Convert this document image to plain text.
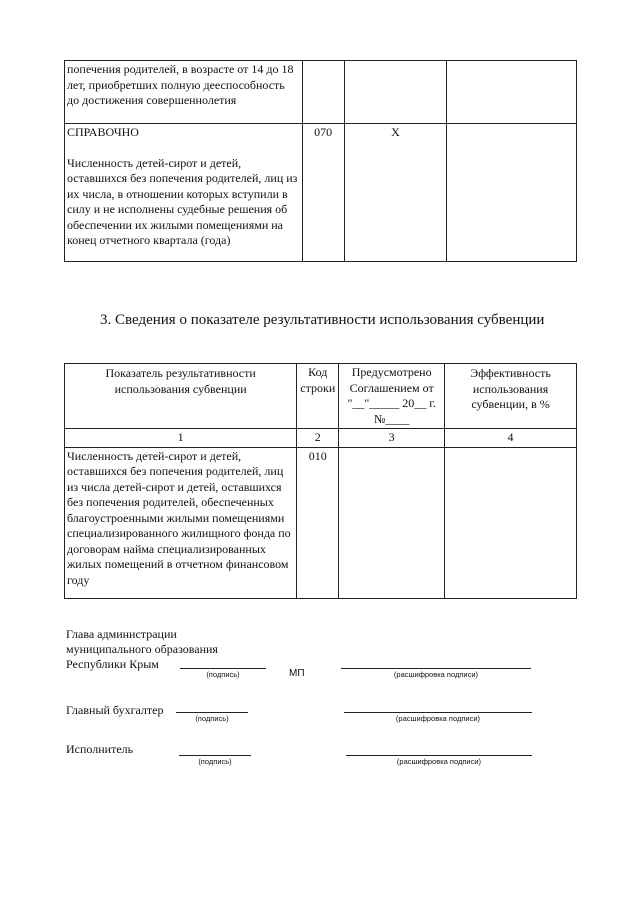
попечения родителей, в возрасте от 14 до 18 лет, приобретших полную дееспособность до достижения совершеннолетия			

СПРАВОЧНО
Численность детей-сирот и детей, оставшихся без попечения родителей, лиц из их числа, в отношении которых вступили в силу и не исполнены судебные решения об обеспечении их жилыми помещениями на конец отчетного квартала (года)	070	X	

3. Сведения о показателе результативности использования субвенции
Показатель результативности использования субвенции	Код строки	Предусмотрено Соглашением от "__"_____ 20__ г. №____	Эффективность использования субвенции, в %

1	2	3	4

Численность детей-сирот и детей, оставшихся без попечения родителей, лиц из числа детей-сирот и детей, оставшихся без попечения родителей, обеспеченных благоустроенными жилыми помещениями специализированного жилищного фонда по договорам найма специализированных жилых помещений в отчетном финансовом году	010		

Глава администрации муниципального образования Республики Крым
(подпись)	МП	(расшифровка подписи)
Главный бухгалтер
(подпись)	(расшифровка подписи)
Исполнитель
(подпись)	(расшифровка подписи)
